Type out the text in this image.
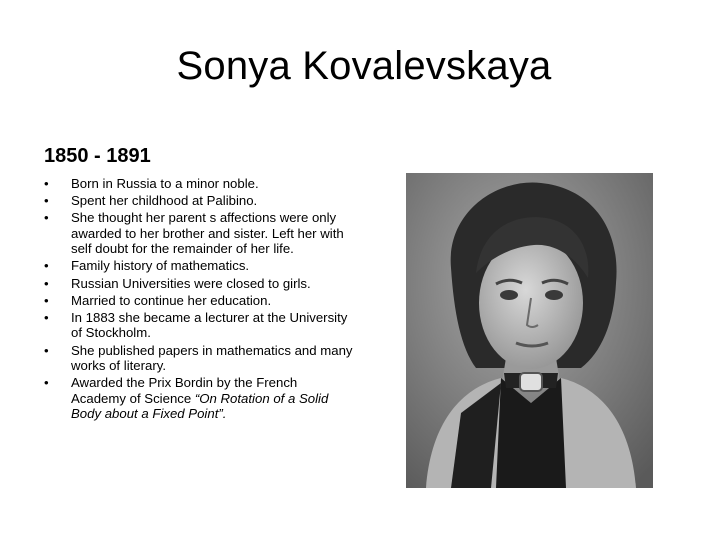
Sonya Kovalevskaya
1850 - 1891
• Born in Russia to a minor noble.
• Spent her childhood at Palibino.
• She thought her parent s affections were only awarded to her brother and sister. Left her with self doubt for the remainder of her life.
• Family history of mathematics.
• Russian Universities were closed to girls.
• Married to continue her education.
• In 1883 she became a lecturer at the University of Stockholm.
• She published papers in mathematics and many works of literary.
• Awarded the Prix Bordin by the French Academy of Science “On Rotation of a Solid Body about a Fixed Point”.
